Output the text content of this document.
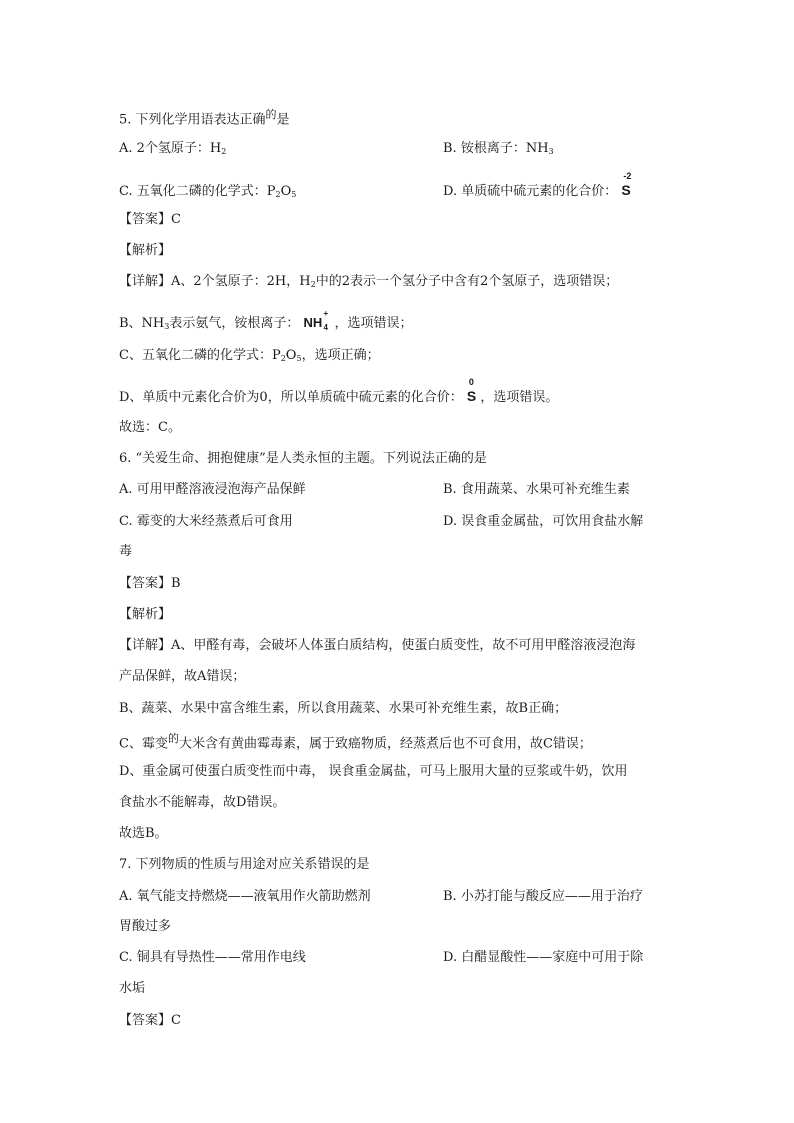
5. 下列化学用语表达正确$^的$是
A. 2个氢原子：$H_2$	B. 铵根离子：$NH_3$
C. 五氧化二磷的化学式：$P_2O_5$	D. 单质硫中硫元素的化合价：
-2
S
【答案】C
【解析】
【详解】A、2个氢原子：2H，$H_2$中的2表示一个氢分子中含有2个氢原子，选项错误；
B、$NH_3$表示氨气，铵根离子： NH
+
4 ，选项错误；
C、五氧化二磷的化学式：$P_2O_5$，选项正确；
D、单质中元素化合价为0，所以单质硫中硫元素的化合价：
0
S ，选项错误。
故选：C。
6. “关爱生命、拥抱健康”是人类永恒的主题。下列说法正确的是
A. 可用甲醛溶液浸泡海产品保鲜	B. 食用蔬菜、水果可补充维生素
C. 霉变的大米经蒸煮后可食用	D. 误食重金属盐，可饮用食盐水解
毒
【答案】B
【解析】
【详解】A、甲醛有毒，会破坏人体蛋白质结构，使蛋白质变性，故不可用甲醛溶液浸泡海
产品保鲜，故A错误；
B、蔬菜、水果中富含维生素，所以食用蔬菜、水果可补充维生素，故B正确；
C、霉变$^的$大米含有黄曲霉毒素，属于致癌物质，经蒸煮后也不可食用，故C错误；
D、重金属可使蛋白质变性而中毒， 误食重金属盐，可马上服用大量的豆浆或牛奶，饮用
食盐水不能解毒，故D错误。
故选B。
7. 下列物质的性质与用途对应关系错误的是
A. 氧气能支持燃烧——液氧用作火箭助燃剂	B. 小苏打能与酸反应——用于治疗
胃酸过多
C. 铜具有导热性——常用作电线	D. 白醋显酸性——家庭中可用于除
水垢
【答案】C
